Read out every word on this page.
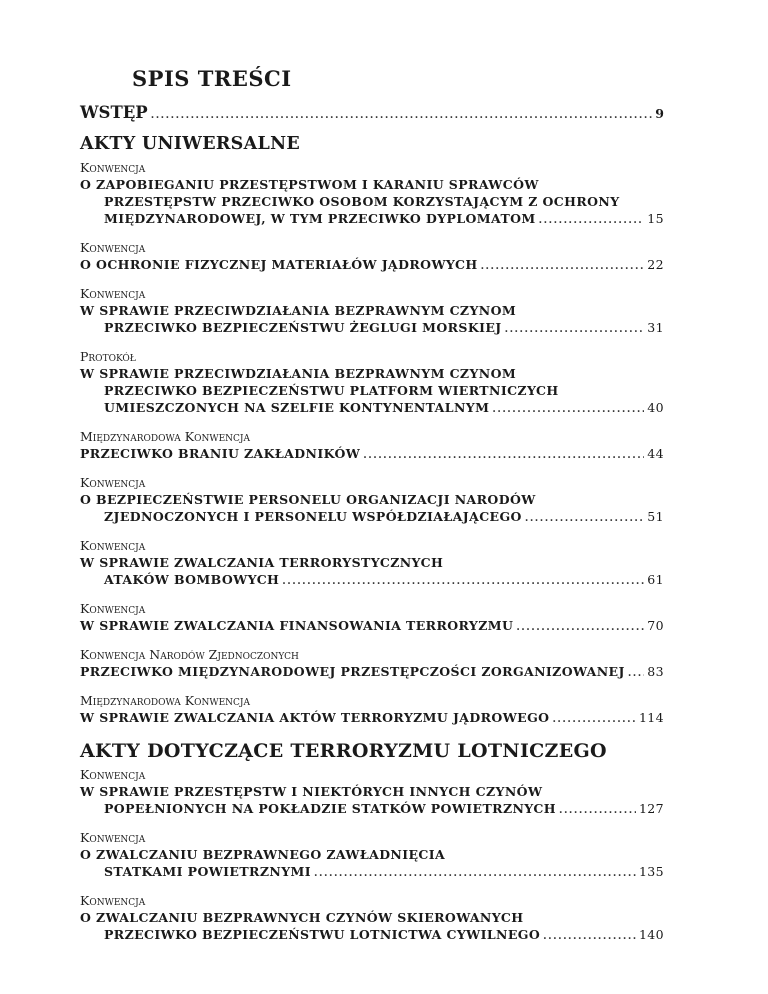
SPIS TREŚCI
WSTĘP .....	9
AKTY UNIWERSALNE
Konwencja
O ZAPOBIEGANIU PRZESTĘPSTWOM I KARANIU SPRAWCÓW
PRZESTĘPSTW PRZECIWKO OSOBOM KORZYSTAJĄCYM Z OCHRONY
MIĘDZYNARODOWEJ, W TYM PRZECIWKO DYPLOMATOM .....	15
Konwencja
O OCHRONIE FIZYCZNEJ MATERIAŁÓW JĄDROWYCH .....	22
Konwencja
W SPRAWIE PRZECIWDZIAŁANIA BEZPRAWNYM CZYNOM
PRZECIWKO BEZPIECZEŃSTWU ŻEGLUGI MORSKIEJ .....	31
Protokół
W SPRAWIE PRZECIWDZIAŁANIA BEZPRAWNYM CZYNOM
PRZECIWKO BEZPIECZEŃSTWU PLATFORM WIERTNICZYCH
UMIESZCZONYCH NA SZELFIE KONTYNENTALNYM .....	40
Międzynarodowa Konwencja
PRZECIWKO BRANIU ZAKŁADNIKÓW .....	44
Konwencja
O BEZPIECZEŃSTWIE PERSONELU ORGANIZACJI NARODÓW
ZJEDNOCZONYCH I PERSONELU WSPÓŁDZIAŁAJĄCEGO .....	51
Konwencja
W SPRAWIE ZWALCZANIA TERRORYSTYCZNYCH
ATAKÓW BOMBOWYCH .....	61
Konwencja
W SPRAWIE ZWALCZANIA FINANSOWANIA TERRORYZMU .....	70
Konwencja Narodów Zjednoczonych
PRZECIWKO MIĘDZYNARODOWEJ PRZESTĘPCZOŚCI ZORGANIZOWANEJ ..... 83
Międzynarodowa Konwencja
W SPRAWIE ZWALCZANIA AKTÓW TERRORYZMU JĄDROWEGO .....	114
AKTY DOTYCZĄCE TERRORYZMU LOTNICZEGO
Konwencja
W SPRAWIE PRZESTĘPSTW I NIEKTÓRYCH INNYCH CZYNÓW
POPEŁNIONYCH NA POKŁADZIE STATKÓW POWIETRZNYCH .....	127
Konwencja
O ZWALCZANIU BEZPRAWNEGO ZAWŁADNIĘCIA
STATKAMI POWIETRZNYMI .....	135
Konwencja
O ZWALCZANIU BEZPRAWNYCH CZYNÓW SKIEROWANYCH
PRZECIWKO BEZPIECZEŃSTWU LOTNICTWA CYWILNEGO .....	140
